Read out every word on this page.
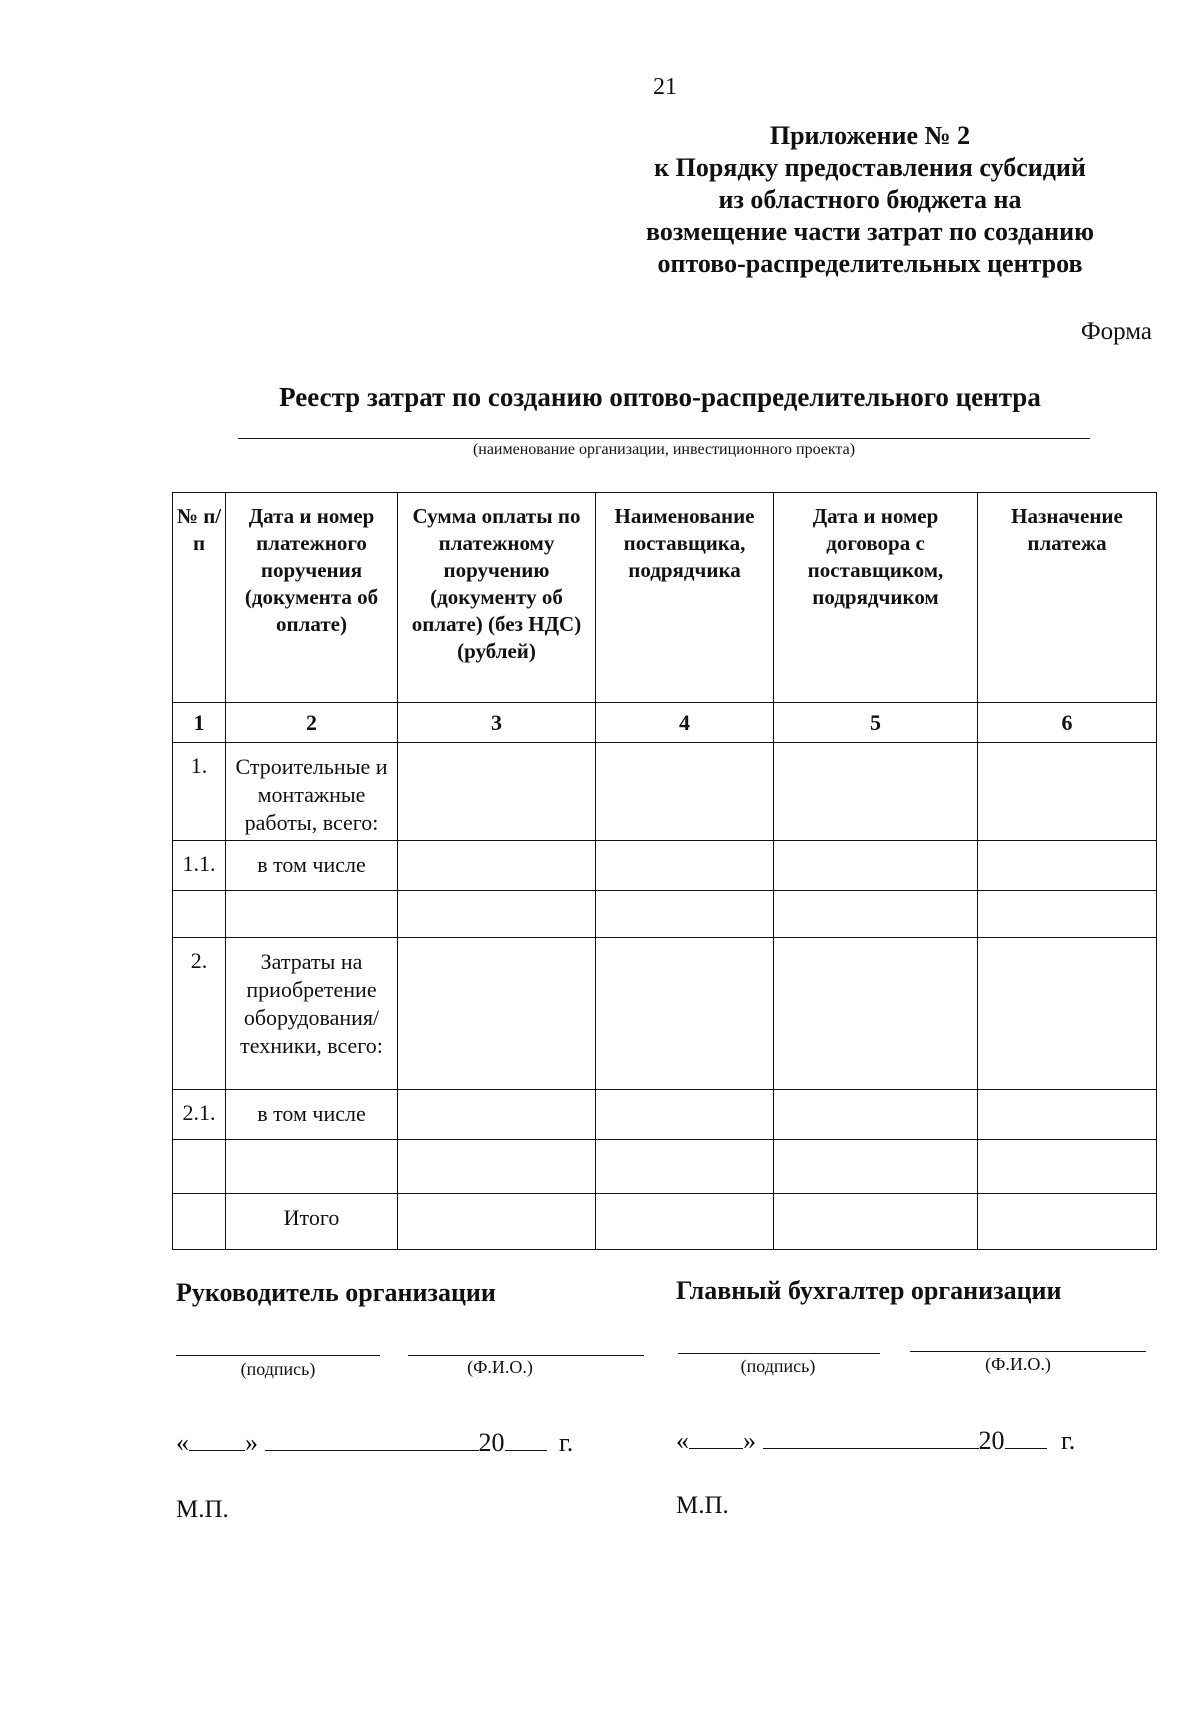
21
Приложение № 2
к Порядку предоставления субсидий
из областного бюджета на
возмещение части затрат по созданию
оптово-распределительных центров
Форма
Реестр затрат по созданию оптово-распределительного центра
(наименование организации, инвестиционного проекта)
№ п/п	Дата и номер платежного поручения (документа об оплате)	Сумма оплаты по платежному поручению (документу об оплате) (без НДС) (рублей)	Наименование поставщика, подрядчика	Дата и номер договора с поставщиком, подрядчиком	Назначение платежа
1	2	3	4	5	6
1.	Строительные и монтажные работы, всего:				
1.1.	в том числе				

2.	Затраты на приобретение оборудования/ техники, всего:				
2.1.	в том числе				

	Итого				
Руководитель организации
(подпись)	(Ф.И.О.)
« »	20 г.
М.П.
Главный бухгалтер организации
(подпись)	(Ф.И.О.)
« »	20 г.
М.П.
